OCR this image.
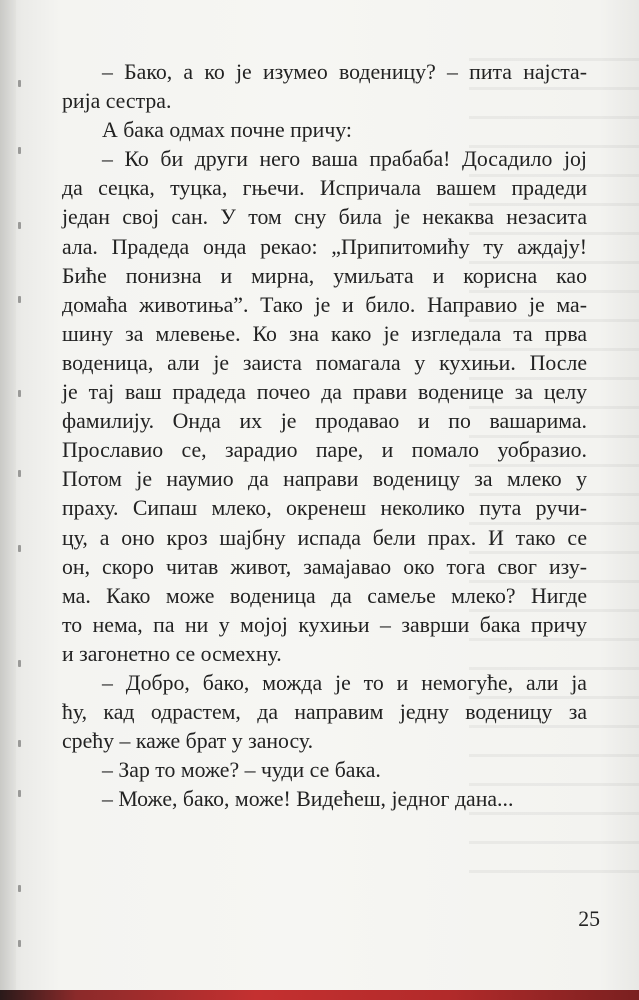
– Бако, а ко је изумео воденицу? – пита најста-
рија сестра.
А бака одмах почне причу:
– Ко би други него ваша прабаба! Досадило јој
да сецка, туцка, гњечи. Испричала вашем прадеди
један свој сан. У том сну била је некаква незасита
ала. Прадеда онда рекао: „Припитомићу ту аждају!
Биће понизна и мирна, умиљата и корисна као
домаћа животиња”. Тако је и било. Направио је ма-
шину за млевење. Ко зна како је изгледала та прва
воденица, али је заиста помагала у кухињи. После
је тај ваш прадеда почео да прави воденице за целу
фамилију. Онда их је продавао и по вашарима.
Прославио се, зарадио паре, и помало уобразио.
Потом је наумио да направи воденицу за млеко у
праху. Сипаш млеко, окренеш неколико пута ручи-
цу, а оно кроз шајбну испада бели прах. И тако се
он, скоро читав живот, замајавао око тога свог изу-
ма. Како може воденица да самеље млеко? Нигде
то нема, па ни у мојој кухињи – заврши бака причу
и загонетно се осмехну.
– Добро, бако, можда је то и немогуће, али ја
ћу, кад одрастем, да направим једну воденицу за
срећу – каже брат у заносу.
– Зар то може? – чуди се бака.
– Може, бако, може! Видећеш, једног дана...
25
